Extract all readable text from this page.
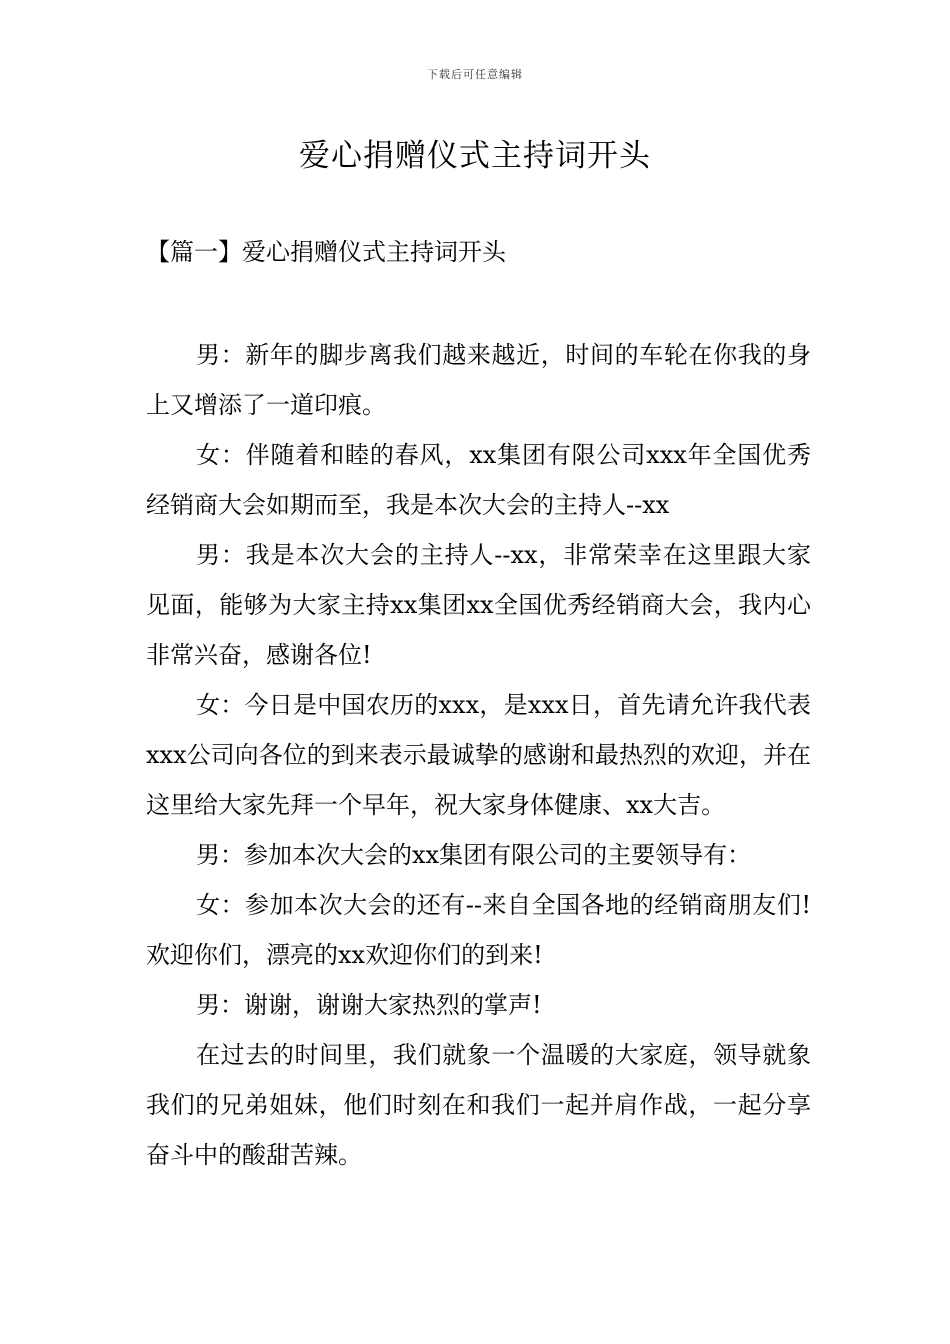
下载后可任意编辑
爱心捐赠仪式主持词开头
【篇一】爱心捐赠仪式主持词开头

男：新年的脚步离我们越来越近，时间的车轮在你我的身上又增添了一道印痕。

女：伴随着和睦的春风，xx集团有限公司xxx年全国优秀经销商大会如期而至，我是本次大会的主持人--xx

男：我是本次大会的主持人--xx，非常荣幸在这里跟大家见面，能够为大家主持xx集团xx全国优秀经销商大会，我内心非常兴奋，感谢各位!

女：今日是中国农历的xxx，是xxx日，首先请允许我代表xxx公司向各位的到来表示最诚挚的感谢和最热烈的欢迎，并在这里给大家先拜一个早年，祝大家身体健康、xx大吉。

男：参加本次大会的xx集团有限公司的主要领导有：

女：参加本次大会的还有--来自全国各地的经销商朋友们!欢迎你们，漂亮的xx欢迎你们的到来!

男：谢谢，谢谢大家热烈的掌声!

在过去的时间里，我们就象一个温暖的大家庭，领导就象我们的兄弟姐妹，他们时刻在和我们一起并肩作战，一起分享奋斗中的酸甜苦辣。
